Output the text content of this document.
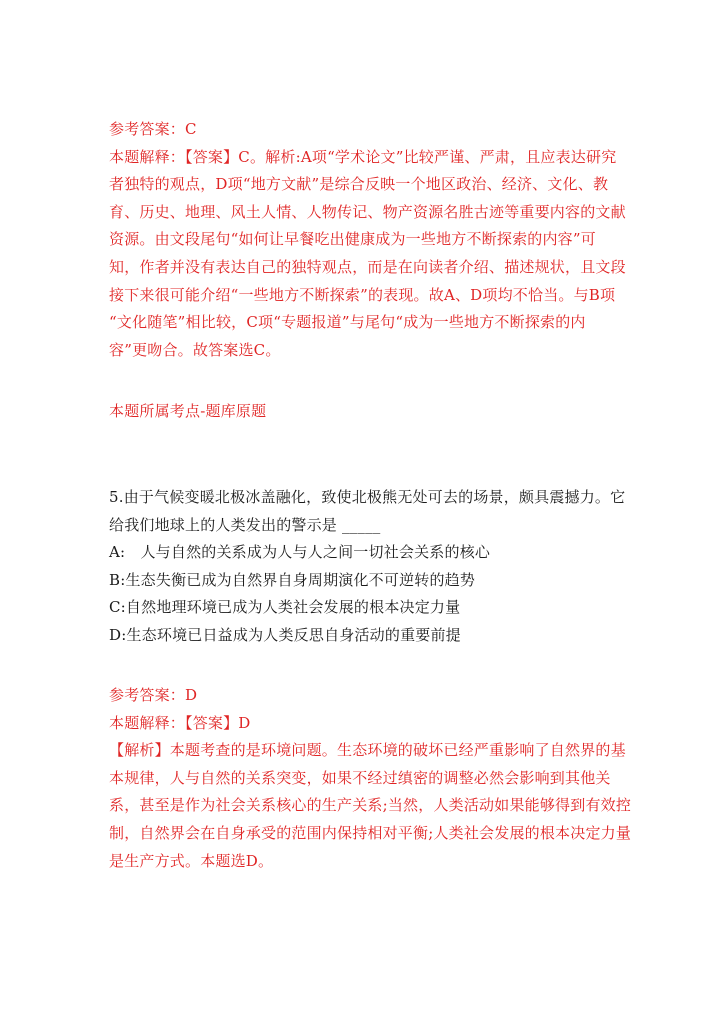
参考答案：C
本题解释：【答案】C。解析:A项“学术论文”比较严谨、严肃，且应表达研究
者独特的观点，D项“地方文献”是综合反映一个地区政治、经济、文化、教
育、历史、地理、风土人情、人物传记、物产资源名胜古迹等重要内容的文献
资源。由文段尾句“如何让早餐吃出健康成为一些地方不断探索的内容”可
知，作者并没有表达自己的独特观点，而是在向读者介绍、描述规状，且文段
接下来很可能介绍“一些地方不断探索”的表现。故A、D项均不恰当。与B项
“文化随笔”相比较，C项“专题报道”与尾句“成为一些地方不断探索的内
容”更吻合。故答案选C。
本题所属考点-题库原题
5.由于气候变暖北极冰盖融化，致使北极熊无处可去的场景，颇具震撼力。它
给我们地球上的人类发出的警示是 _____
A:　人与自然的关系成为人与人之间一切社会关系的核心
B:生态失衡已成为自然界自身周期演化不可逆转的趋势
C:自然地理环境已成为人类社会发展的根本决定力量
D:生态环境已日益成为人类反思自身活动的重要前提
参考答案：D
本题解释：【答案】D
【解析】本题考查的是环境问题。生态环境的破坏已经严重影响了自然界的基
本规律，人与自然的关系突变，如果不经过缜密的调整必然会影响到其他关
系，甚至是作为社会关系核心的生产关系;当然，人类活动如果能够得到有效控
制，自然界会在自身承受的范围内保持相对平衡;人类社会发展的根本决定力量
是生产方式。本题选D。
